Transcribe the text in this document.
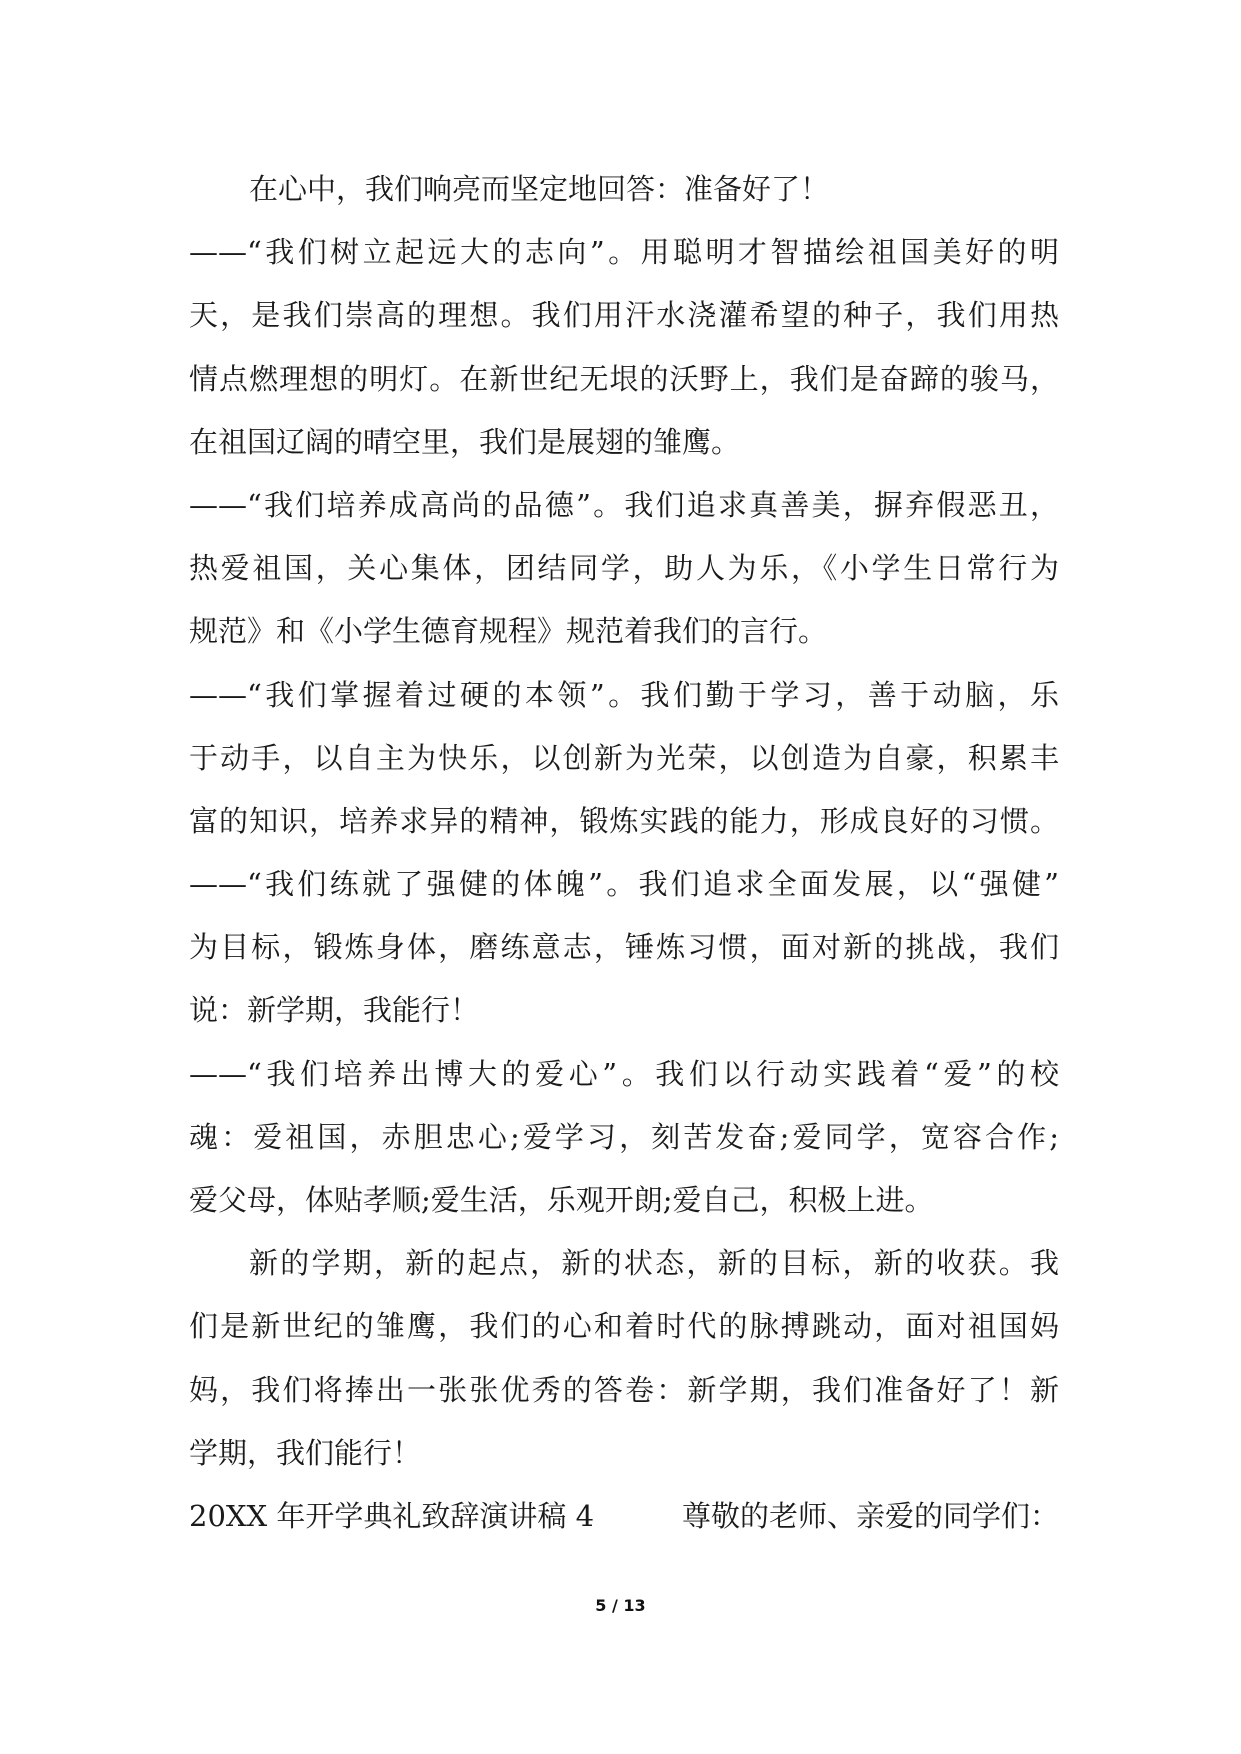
在心中，我们响亮而坚定地回答：准备好了！
——“我们树立起远大的志向”。用聪明才智描绘祖国美好的明
天，是我们崇高的理想。我们用汗水浇灌希望的种子，我们用热
情点燃理想的明灯。在新世纪无垠的沃野上，我们是奋蹄的骏马，
在祖国辽阔的晴空里，我们是展翅的雏鹰。
——“我们培养成高尚的品德”。我们追求真善美，摒弃假恶丑，
热爱祖国，关心集体，团结同学，助人为乐，《小学生日常行为
规范》和《小学生德育规程》规范着我们的言行。
——“我们掌握着过硬的本领”。我们勤于学习，善于动脑，乐
于动手，以自主为快乐，以创新为光荣，以创造为自豪，积累丰
富的知识，培养求异的精神，锻炼实践的能力，形成良好的习惯。
——“我们练就了强健的体魄”。我们追求全面发展，以“强健”
为目标，锻炼身体，磨练意志，锤炼习惯，面对新的挑战，我们
说：新学期，我能行！
——“我们培养出博大的爱心”。我们以行动实践着“爱”的校
魂：爱祖国，赤胆忠心;爱学习，刻苦发奋;爱同学，宽容合作;
爱父母，体贴孝顺;爱生活，乐观开朗;爱自己，积极上进。
新的学期，新的起点，新的状态，新的目标，新的收获。我
们是新世纪的雏鹰，我们的心和着时代的脉搏跳动，面对祖国妈
妈，我们将捧出一张张优秀的答卷：新学期，我们准备好了！新
学期，我们能行！
20XX 年开学典礼致辞演讲稿 4	尊敬的老师、亲爱的同学们：
5 / 13
